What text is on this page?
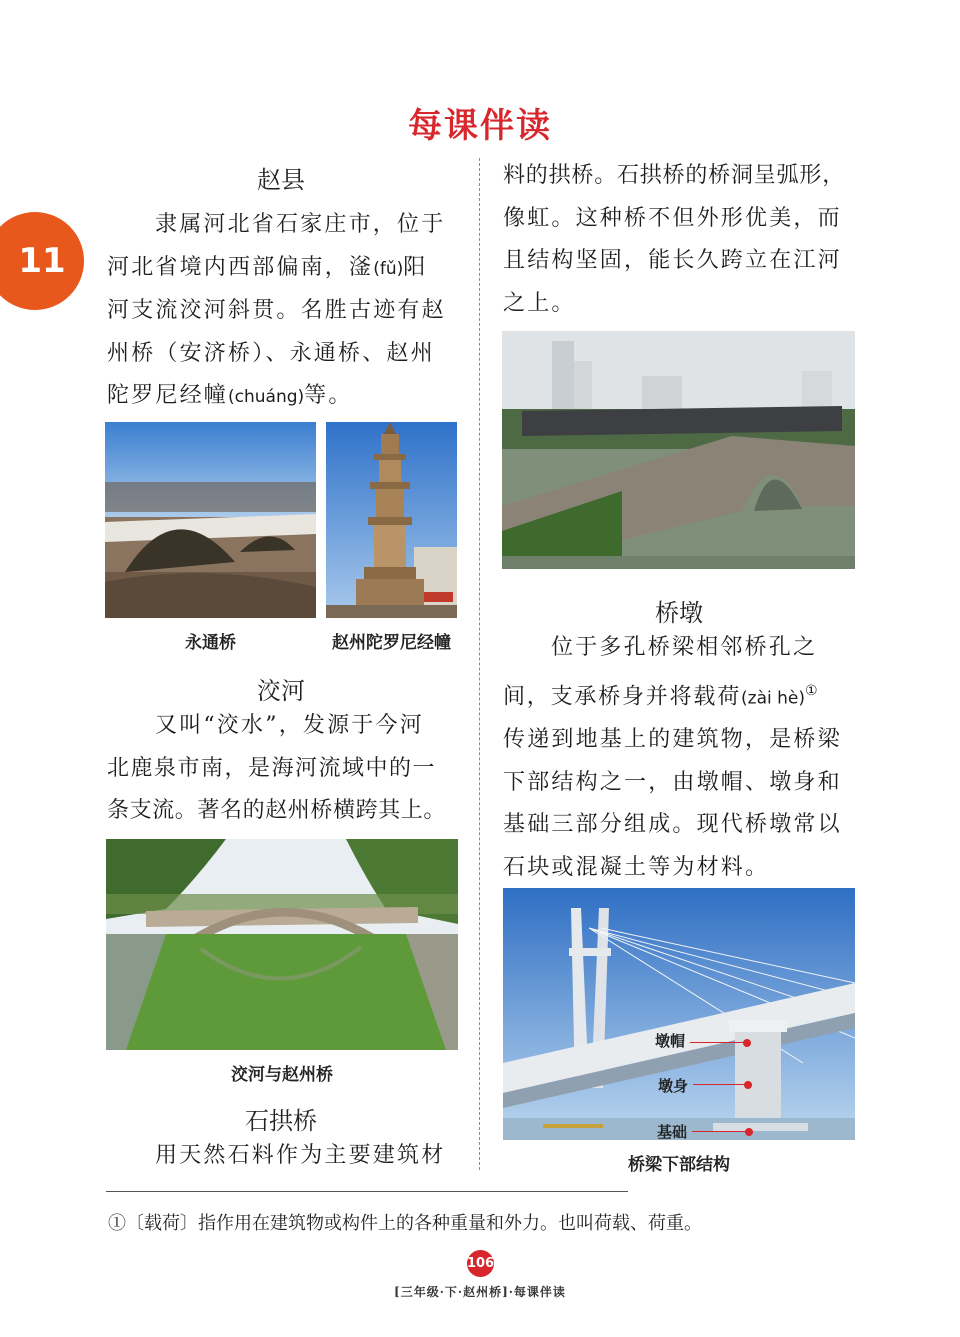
每课伴读
11
赵县

隶属河北省石家庄市，位于

河北省境内西部偏南，滏(fǔ)阳

河支流洨河斜贯。名胜古迹有赵

州桥（安济桥）、永通桥、赵州

陀罗尼经幢(chuáng)等。

永通桥	赵州陀罗尼经幢
洨河

又叫“洨水”，发源于今河

北鹿泉市南，是海河流域中的一

条支流。著名的赵州桥横跨其上。

洨河与赵州桥
石拱桥

用天然石料作为主要建筑材

料的拱桥。石拱桥的桥洞呈弧形，

像虹。这种桥不但外形优美，而

且结构坚固，能长久跨立在江河

之上。

桥墩

位于多孔桥梁相邻桥孔之

间，支承桥身并将载荷(zài hè)①

传递到地基上的建筑物，是桥梁

下部结构之一，由墩帽、墩身和

基础三部分组成。现代桥墩常以

石块或混凝土等为材料。

墩帽
墩身
基础
桥梁下部结构
①〔载荷〕指作用在建筑物或构件上的各种重量和外力。也叫荷载、荷重。
106
[三年级·下·赵州桥]·每课伴读
